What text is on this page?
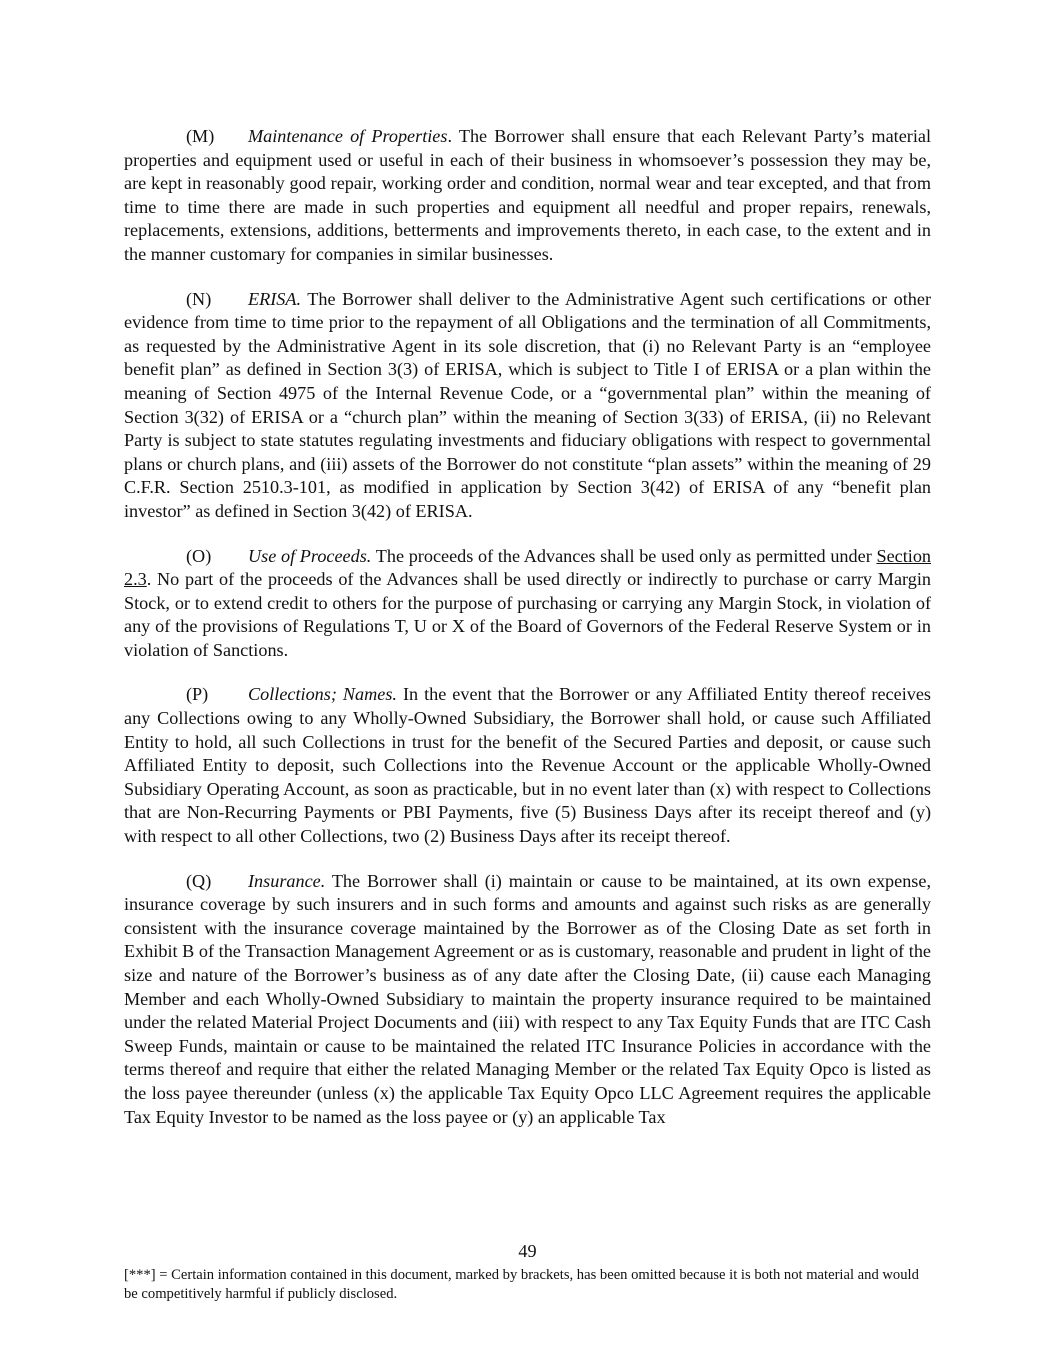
(M) Maintenance of Properties. The Borrower shall ensure that each Relevant Party’s material properties and equipment used or useful in each of their business in whomsoever’s possession they may be, are kept in reasonably good repair, working order and condition, normal wear and tear excepted, and that from time to time there are made in such properties and equipment all needful and proper repairs, renewals, replacements, extensions, additions, betterments and improvements thereto, in each case, to the extent and in the manner customary for companies in similar businesses.

(N) ERISA. The Borrower shall deliver to the Administrative Agent such certifications or other evidence from time to time prior to the repayment of all Obligations and the termination of all Commitments, as requested by the Administrative Agent in its sole discretion, that (i) no Relevant Party is an “employee benefit plan” as defined in Section 3(3) of ERISA, which is subject to Title I of ERISA or a plan within the meaning of Section 4975 of the Internal Revenue Code, or a “governmental plan” within the meaning of Section 3(32) of ERISA or a “church plan” within the meaning of Section 3(33) of ERISA, (ii) no Relevant Party is subject to state statutes regulating investments and fiduciary obligations with respect to governmental plans or church plans, and (iii) assets of the Borrower do not constitute “plan assets” within the meaning of 29 C.F.R. Section 2510.3-101, as modified in application by Section 3(42) of ERISA of any “benefit plan investor” as defined in Section 3(42) of ERISA.

(O) Use of Proceeds. The proceeds of the Advances shall be used only as permitted under Section 2.3. No part of the proceeds of the Advances shall be used directly or indirectly to purchase or carry Margin Stock, or to extend credit to others for the purpose of purchasing or carrying any Margin Stock, in violation of any of the provisions of Regulations T, U or X of the Board of Governors of the Federal Reserve System or in violation of Sanctions.

(P) Collections; Names. In the event that the Borrower or any Affiliated Entity thereof receives any Collections owing to any Wholly-Owned Subsidiary, the Borrower shall hold, or cause such Affiliated Entity to hold, all such Collections in trust for the benefit of the Secured Parties and deposit, or cause such Affiliated Entity to deposit, such Collections into the Revenue Account or the applicable Wholly-Owned Subsidiary Operating Account, as soon as practicable, but in no event later than (x) with respect to Collections that are Non-Recurring Payments or PBI Payments, five (5) Business Days after its receipt thereof and (y) with respect to all other Collections, two (2) Business Days after its receipt thereof.

(Q) Insurance. The Borrower shall (i) maintain or cause to be maintained, at its own expense, insurance coverage by such insurers and in such forms and amounts and against such risks as are generally consistent with the insurance coverage maintained by the Borrower as of the Closing Date as set forth in Exhibit B of the Transaction Management Agreement or as is customary, reasonable and prudent in light of the size and nature of the Borrower’s business as of any date after the Closing Date, (ii) cause each Managing Member and each Wholly-Owned Subsidiary to maintain the property insurance required to be maintained under the related Material Project Documents and (iii) with respect to any Tax Equity Funds that are ITC Cash Sweep Funds, maintain or cause to be maintained the related ITC Insurance Policies in accordance with the terms thereof and require that either the related Managing Member or the related Tax Equity Opco is listed as the loss payee thereunder (unless (x) the applicable Tax Equity Opco LLC Agreement requires the applicable Tax Equity Investor to be named as the loss payee or (y) an applicable Tax

49
[***] = Certain information contained in this document, marked by brackets, has been omitted because it is both not material and would be competitively harmful if publicly disclosed.
